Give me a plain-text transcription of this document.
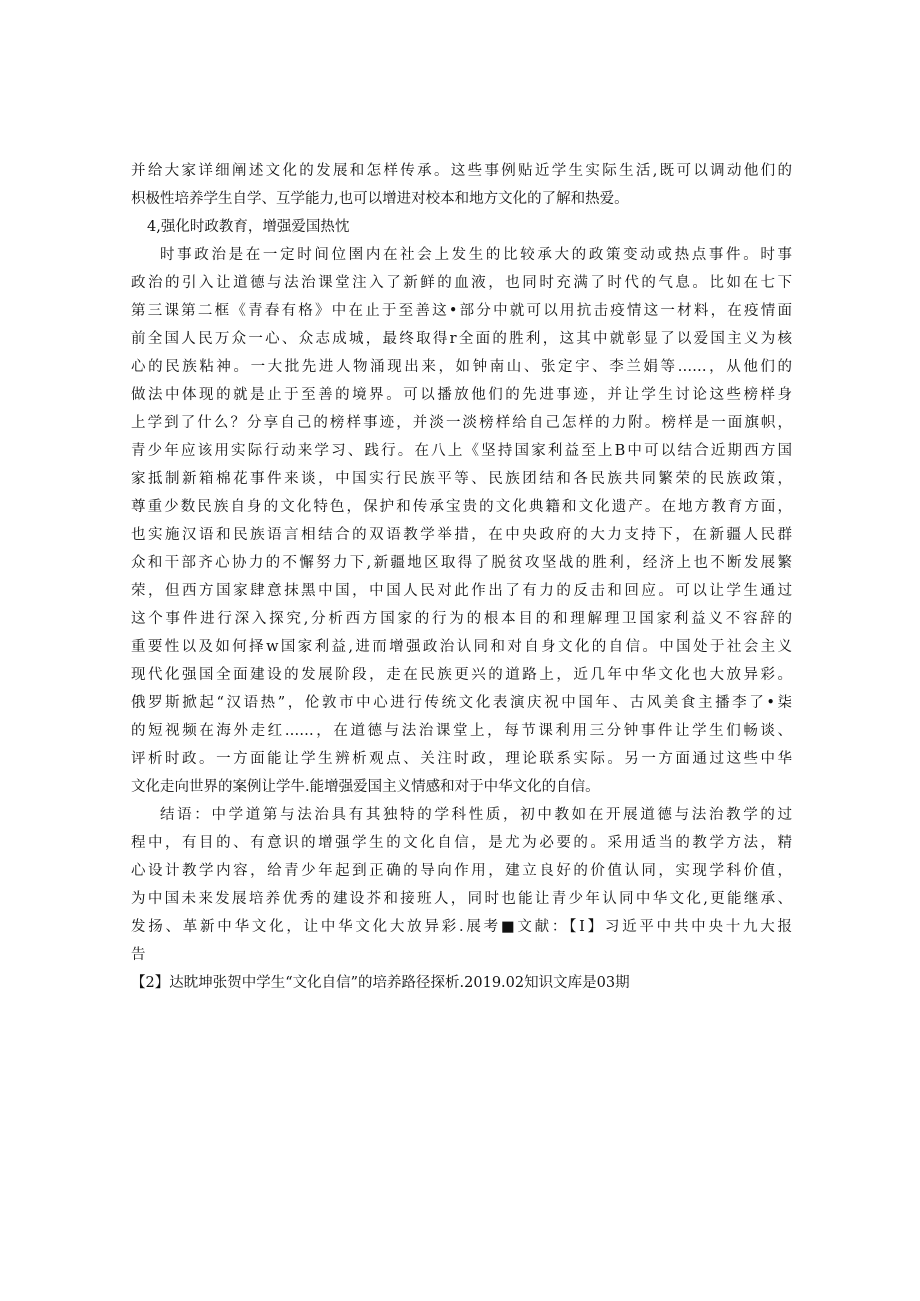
并给大家详细阐述文化的发展和怎样传承。这些事例贴近学生实际生活,既可以调动他们的
枳极性培养学生自学、互学能力,也可以增进对校本和地方文化的了解和热爱。
4,强化时政教育，增强爱国热忱
时事政治是在一定时间位圉内在社会上发生的比较承大的政策变动或热点事件。时事
政治的引入让道德与法治课堂注入了新鲜的血液，也同时充满了时代的气息。比如在七下
第三课第二框《青春有格》中在止于至善这•部分中就可以用抗击疫情这一材料，在疫情面
前全国人民万众一心、众志成城，最终取得r全面的胜利，这其中就彰显了以爱国主义为核
心的民族粘神。一大批先进人物涌现出来，如钟南山、张定宇、李兰娟等……，从他们的
做法中体现的就是止于至善的境界。可以播放他们的先进事迹，并让学生讨论这些榜样身
上学到了什么？分享自己的榜样事迹，并淡一淡榜样给自己怎样的力附。榜样是一面旗帜，
青少年应该用实际行动来学习、践行。在八上《坚持国家利益至上B中可以结合近期西方国
家抵制新箱棉花事件来谈，中国实行民族平等、民族团结和各民族共同繁荣的民族政策，
尊重少数民族自身的文化特色，保护和传承宝贵的文化典籍和文化遗产。在地方教育方面，
也实施汉语和民族语言相结合的双语教学举措，在中央政府的大力支持下，在新疆人民群
众和干部齐心协力的不懈努力下,新疆地区取得了脱贫攻坚战的胜利，经济上也不断发展繁
荣，但西方国家肆意抹黑中国，中国人民对此作出了有力的反击和回应。可以让学生通过
这个事件进行深入探究,分析西方国家的行为的根本目的和理解理卫国家利益义不容辞的
重要性以及如何择w国家利益,进而增强政治认同和对自身文化的自信。中国处于社会主义
现代化强国全面建设的发展阶段，走在民族更兴的道路上，近几年中华文化也大放异彩。
俄罗斯掀起“汉语热”，伦敦市中心进行传统文化表演庆祝中国年、古风美食主播李了•柒
的短视频在海外走红……，在道德与法治课堂上，每节课利用三分钟事件让学生们畅谈、
评析时政。一方面能让学生辨析观点、关注时政，理论联系实际。另一方面通过这些中华
文化走向世界的案例让学牛.能增强爱国主义情感和对于中华文化的自信。
结语：中学道第与法治具有其独特的学科性质，初中教如在开展道德与法治教学的过
程中，有目的、有意识的增强学生的文化自信，是尤为必要的。采用适当的教学方法，精
心设计教学内容，给青少年起到正确的导向作用，建立良好的价值认同，实现学科价值，
为中国未来发展培养优秀的建设芥和接班人，同时也能让青少年认同中华文化,更能继承、
发扬、革新中华文化，让中华文化大放异彩.展考■文献：【I】习近平中共中央十九大报
告
【2】达眈坤张贺中学生“文化自信”的培养路径探析.2019.02知识文库是03期
